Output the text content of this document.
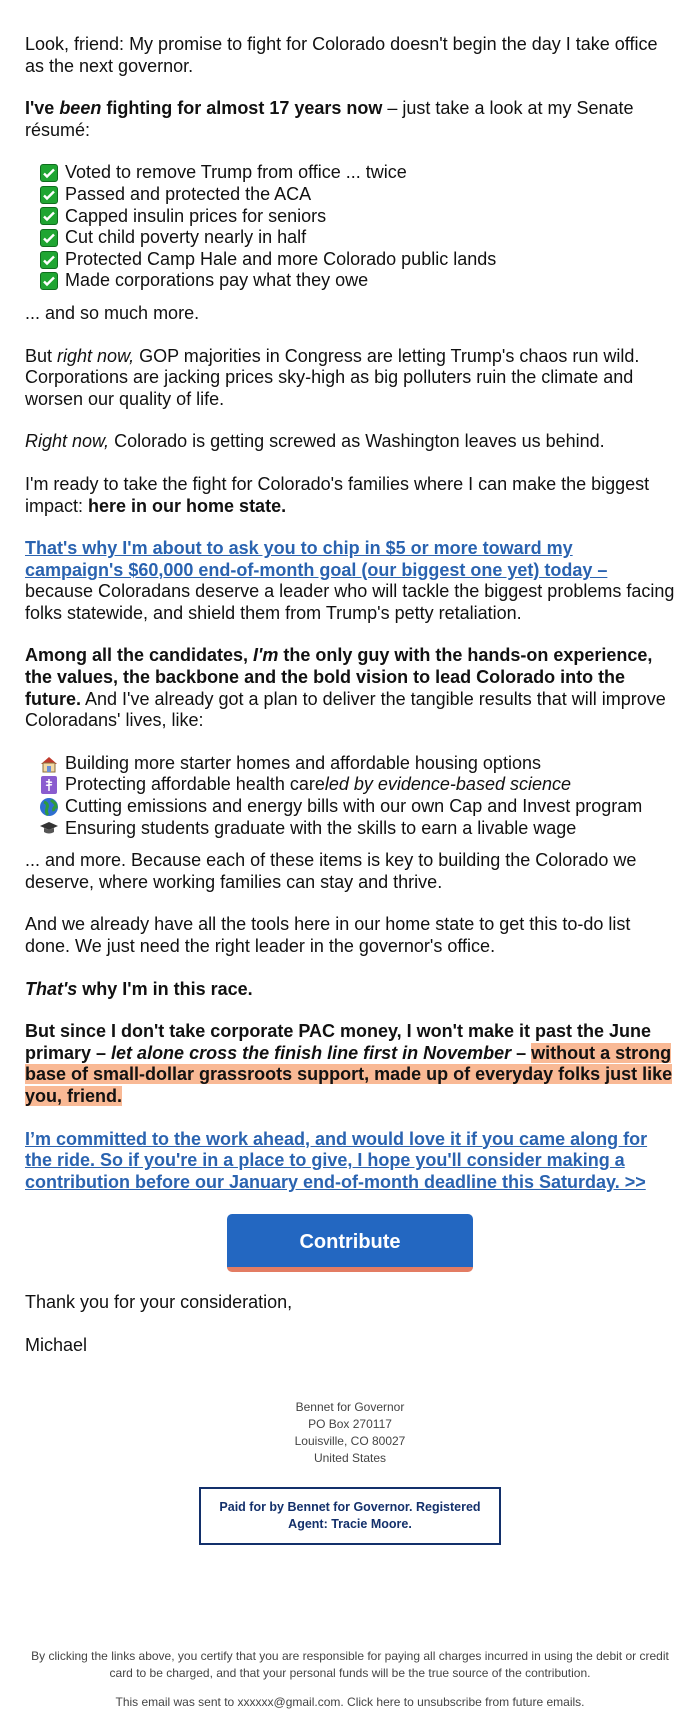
Look, friend: My promise to fight for Colorado doesn't begin the day I take office as the next governor.

I've been fighting for almost 17 years now – just take a look at my Senate résumé:

Voted to remove Trump from office ... twice
Passed and protected the ACA
Capped insulin prices for seniors
Cut child poverty nearly in half
Protected Camp Hale and more Colorado public lands
Made corporations pay what they owe

... and so much more.

But right now, GOP majorities in Congress are letting Trump's chaos run wild. Corporations are jacking prices sky-high as big polluters ruin the climate and worsen our quality of life.

Right now, Colorado is getting screwed as Washington leaves us behind.

I'm ready to take the fight for Colorado's families where I can make the biggest impact: here in our home state.

That's why I'm about to ask you to chip in $5 or more toward my campaign's $60,000 end-of-month goal (our biggest one yet) today – because Coloradans deserve a leader who will tackle the biggest problems facing folks statewide, and shield them from Trump's petty retaliation.

Among all the candidates, I'm the only guy with the hands-on experience, the values, the backbone and the bold vision to lead Colorado into the future. And I've already got a plan to deliver the tangible results that will improve Coloradans' lives, like:

Building more starter homes and affordable housing options
Protecting affordable health care led by evidence-based science
Cutting emissions and energy bills with our own Cap and Invest program
Ensuring students graduate with the skills to earn a livable wage

... and more. Because each of these items is key to building the Colorado we deserve, where working families can stay and thrive.

And we already have all the tools here in our home state to get this to-do list done. We just need the right leader in the governor's office.

That's why I'm in this race.

But since I don't take corporate PAC money, I won't make it past the June primary – let alone cross the finish line first in November – without a strong base of small-dollar grassroots support, made up of everyday folks just like you, friend.

I’m committed to the work ahead, and would love it if you came along for the ride. So if you're in a place to give, I hope you'll consider making a contribution before our January end-of-month deadline this Saturday. >>

Contribute

Thank you for your consideration,

Michael

Bennet for Governor
PO Box 270117
Louisville, CO 80027
United States
Paid for by Bennet for Governor. Registered Agent: Tracie Moore.

By clicking the links above, you certify that you are responsible for paying all charges incurred in using the debit or credit card to be charged, and that your personal funds will be the true source of the contribution.

This email was sent to xxxxxx@gmail.com. Click here to unsubscribe from future emails.
